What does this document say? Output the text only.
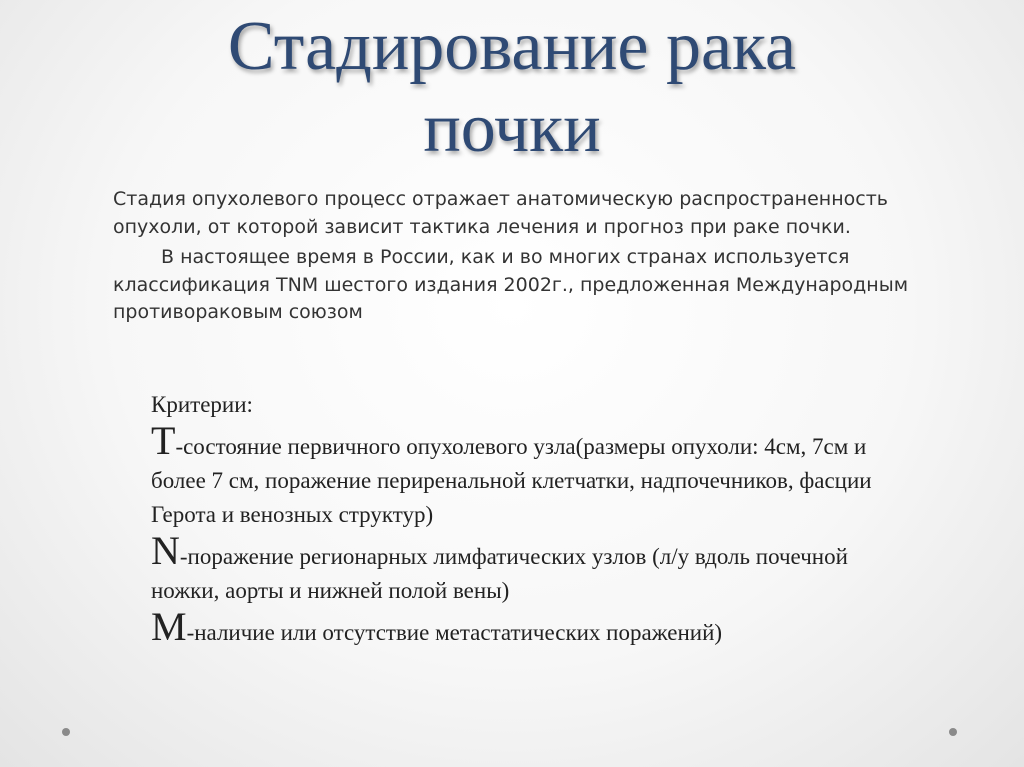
Стадирование рака
почки

Стадия опухолевого процесс отражает анатомическую распространенность опухоли, от которой зависит тактика лечения и прогноз при раке почки.

В настоящее время в России, как и во многих странах используется классификация TNM шестого издания 2002г., предложенная Международным противораковым союзом

Критерии:

T-состояние первичного опухолевого узла(размеры опухоли: 4см, 7см и более 7 см, поражение периренальной клетчатки, надпочечников, фасции Герота и венозных структур)

N-поражение регионарных лимфатических узлов (л/у вдоль почечной ножки, аорты и нижней полой вены)

M-наличие или отсутствие метастатических поражений)
